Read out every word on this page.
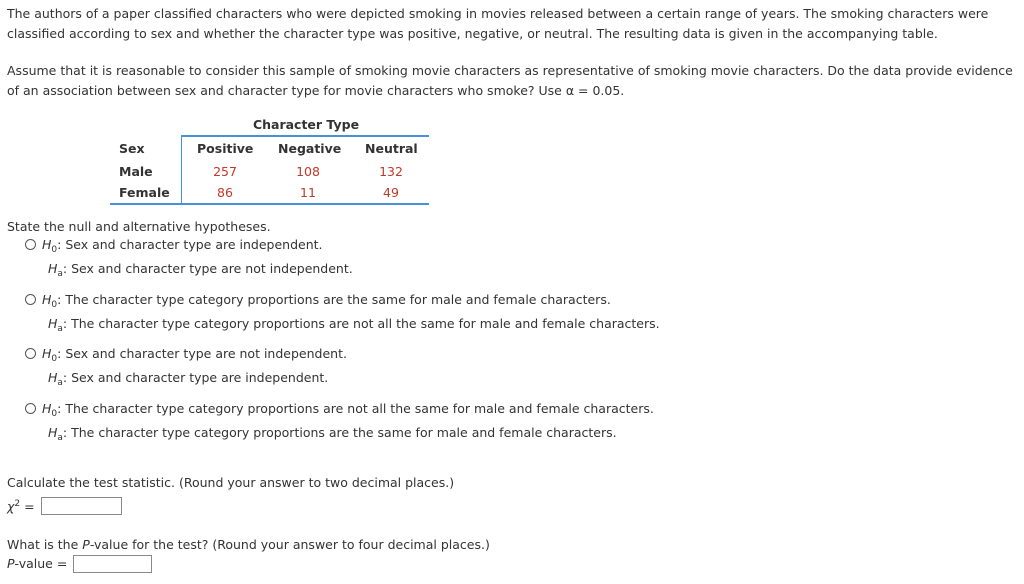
The authors of a paper classified characters who were depicted smoking in movies released between a certain range of years. The smoking characters were classified according to sex and whether the character type was positive, negative, or neutral. The resulting data is given in the accompanying table.

Assume that it is reasonable to consider this sample of smoking movie characters as representative of smoking movie characters. Do the data provide evidence of an association between sex and character type for movie characters who smoke? Use α = 0.05.

Character Type
Sex	Positive Negative Neutral
Male	257	108	132
Female	86	11	49
State the null and alternative hypotheses.
$H_0$: Sex and character type are independent.
$H_a$: Sex and character type are not independent.
$H_0$: The character type category proportions are the same for male and female characters.
$H_a$: The character type category proportions are not all the same for male and female characters.
$H_0$: Sex and character type are not independent.
$H_a$: Sex and character type are independent.
$H_0$: The character type category proportions are not all the same for male and female characters.
$H_a$: The character type category proportions are the same for male and female characters.
Calculate the test statistic. (Round your answer to two decimal places.)
$\chi^2$ =
What is the P-value for the test? (Round your answer to four decimal places.)
P-value =
